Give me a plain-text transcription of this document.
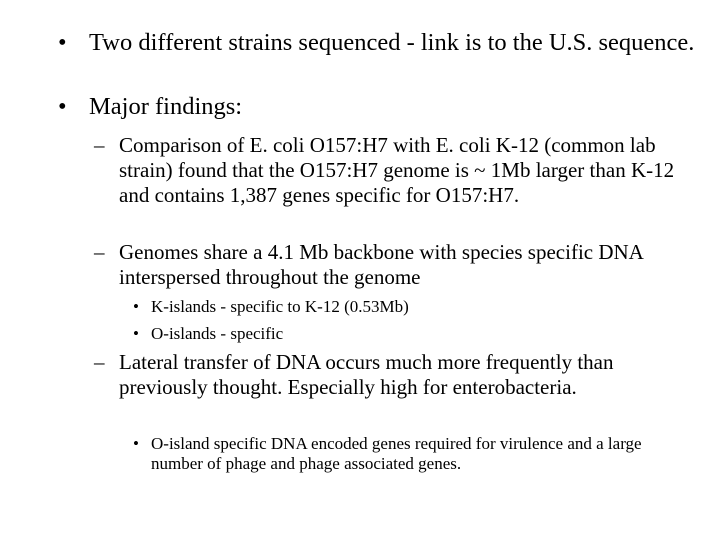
• Two different strains sequenced - link is to the U.S. sequence.
• Major findings:
– Comparison of E. coli O157:H7 with E. coli K-12 (common lab strain) found that the O157:H7 genome is ~ 1Mb larger than K-12 and contains 1,387 genes specific for O157:H7.
– Genomes share a 4.1 Mb backbone with species specific DNA interspersed throughout the genome
• K-islands - specific to K-12 (0.53Mb)
• O-islands - specific
– Lateral transfer of DNA occurs much more frequently than previously thought. Especially high for enterobacteria.
• O-island specific DNA encoded genes required for virulence and a large number of phage and phage associated genes.
